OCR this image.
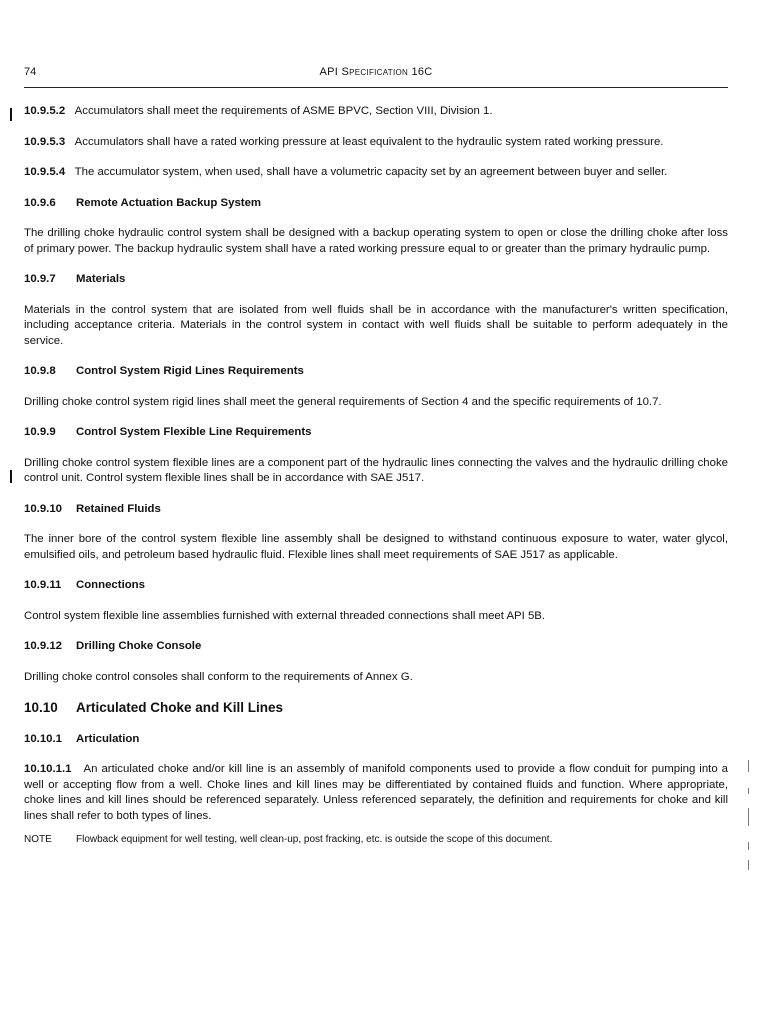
74	API Specification 16C

10.9.5.2 Accumulators shall meet the requirements of ASME BPVC, Section VIII, Division 1.

10.9.5.3 Accumulators shall have a rated working pressure at least equivalent to the hydraulic system rated working pressure.

10.9.5.4 The accumulator system, when used, shall have a volumetric capacity set by an agreement between buyer and seller.

10.9.6 Remote Actuation Backup System

The drilling choke hydraulic control system shall be designed with a backup operating system to open or close the drilling choke after loss of primary power. The backup hydraulic system shall have a rated working pressure equal to or greater than the primary hydraulic pump.

10.9.7 Materials

Materials in the control system that are isolated from well fluids shall be in accordance with the manufacturer's written specification, including acceptance criteria. Materials in the control system in contact with well fluids shall be suitable to perform adequately in the service.

10.9.8 Control System Rigid Lines Requirements

Drilling choke control system rigid lines shall meet the general requirements of Section 4 and the specific requirements of 10.7.

10.9.9 Control System Flexible Line Requirements

Drilling choke control system flexible lines are a component part of the hydraulic lines connecting the valves and the hydraulic drilling choke control unit. Control system flexible lines shall be in accordance with SAE J517.

10.9.10 Retained Fluids

The inner bore of the control system flexible line assembly shall be designed to withstand continuous exposure to water, water glycol, emulsified oils, and petroleum based hydraulic fluid. Flexible lines shall meet requirements of SAE J517 as applicable.

10.9.11 Connections

Control system flexible line assemblies furnished with external threaded connections shall meet API 5B.

10.9.12 Drilling Choke Console

Drilling choke control consoles shall conform to the requirements of Annex G.

10.10 Articulated Choke and Kill Lines

10.10.1 Articulation

10.10.1.1 An articulated choke and/or kill line is an assembly of manifold components used to provide a flow conduit for pumping into a well or accepting flow from a well. Choke lines and kill lines may be differentiated by contained fluids and function. Where appropriate, choke lines and kill lines should be referenced separately. Unless referenced separately, the definition and requirements for choke and kill lines shall refer to both types of lines.

NOTE Flowback equipment for well testing, well clean-up, post fracking, etc. is outside the scope of this document.
